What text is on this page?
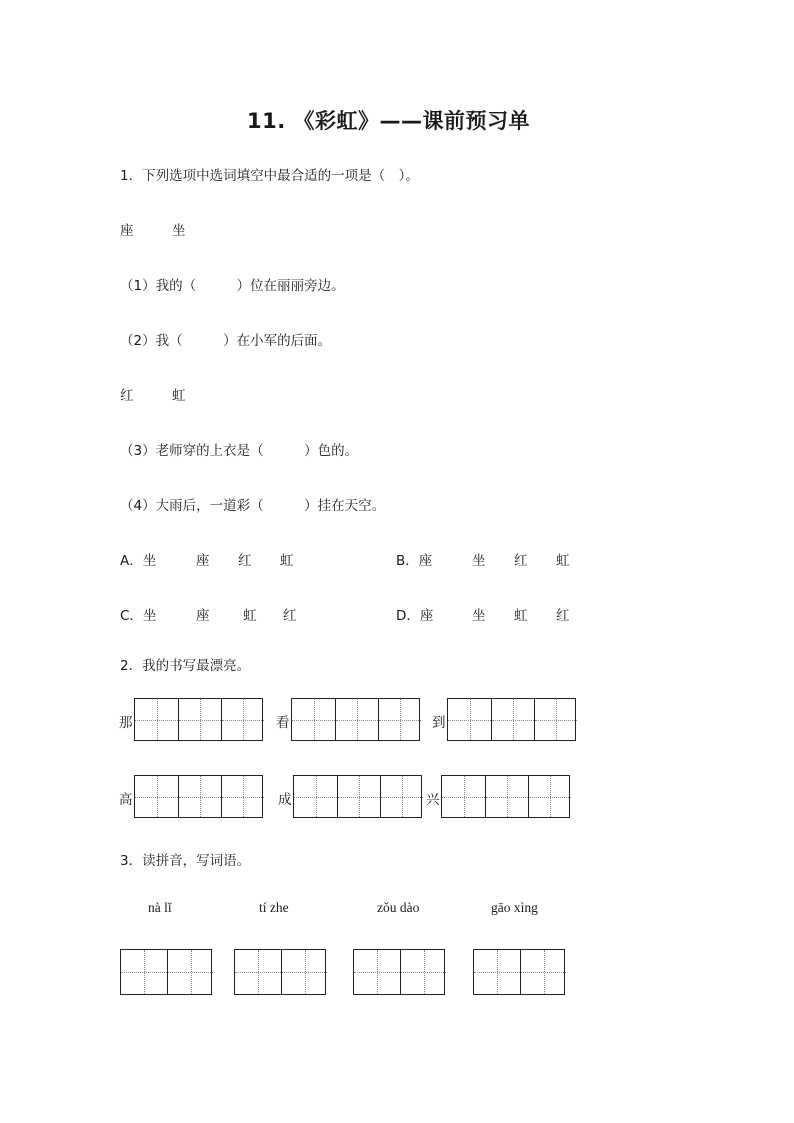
11. 《彩虹》——课前预习单
1．下列选项中选词填空中最合适的一项是（　）。
座	坐
（1）我的（　　　）位在丽丽旁边。
（2）我（　　　）在小军的后面。
红	虹
（3）老师穿的上衣是（　　　）色的。
（4）大雨后，一道彩（　　　）挂在天空。
A．坐	座 红 虹	B．座	坐 红 虹
C．坐	座 虹 红	D．座	坐 虹 红
2．我的书写最漂亮。
那	看	到
高	成	兴
3．读拼音，写词语。
nà lǐ	tí zhe	zǒu dào	gāo xìng
